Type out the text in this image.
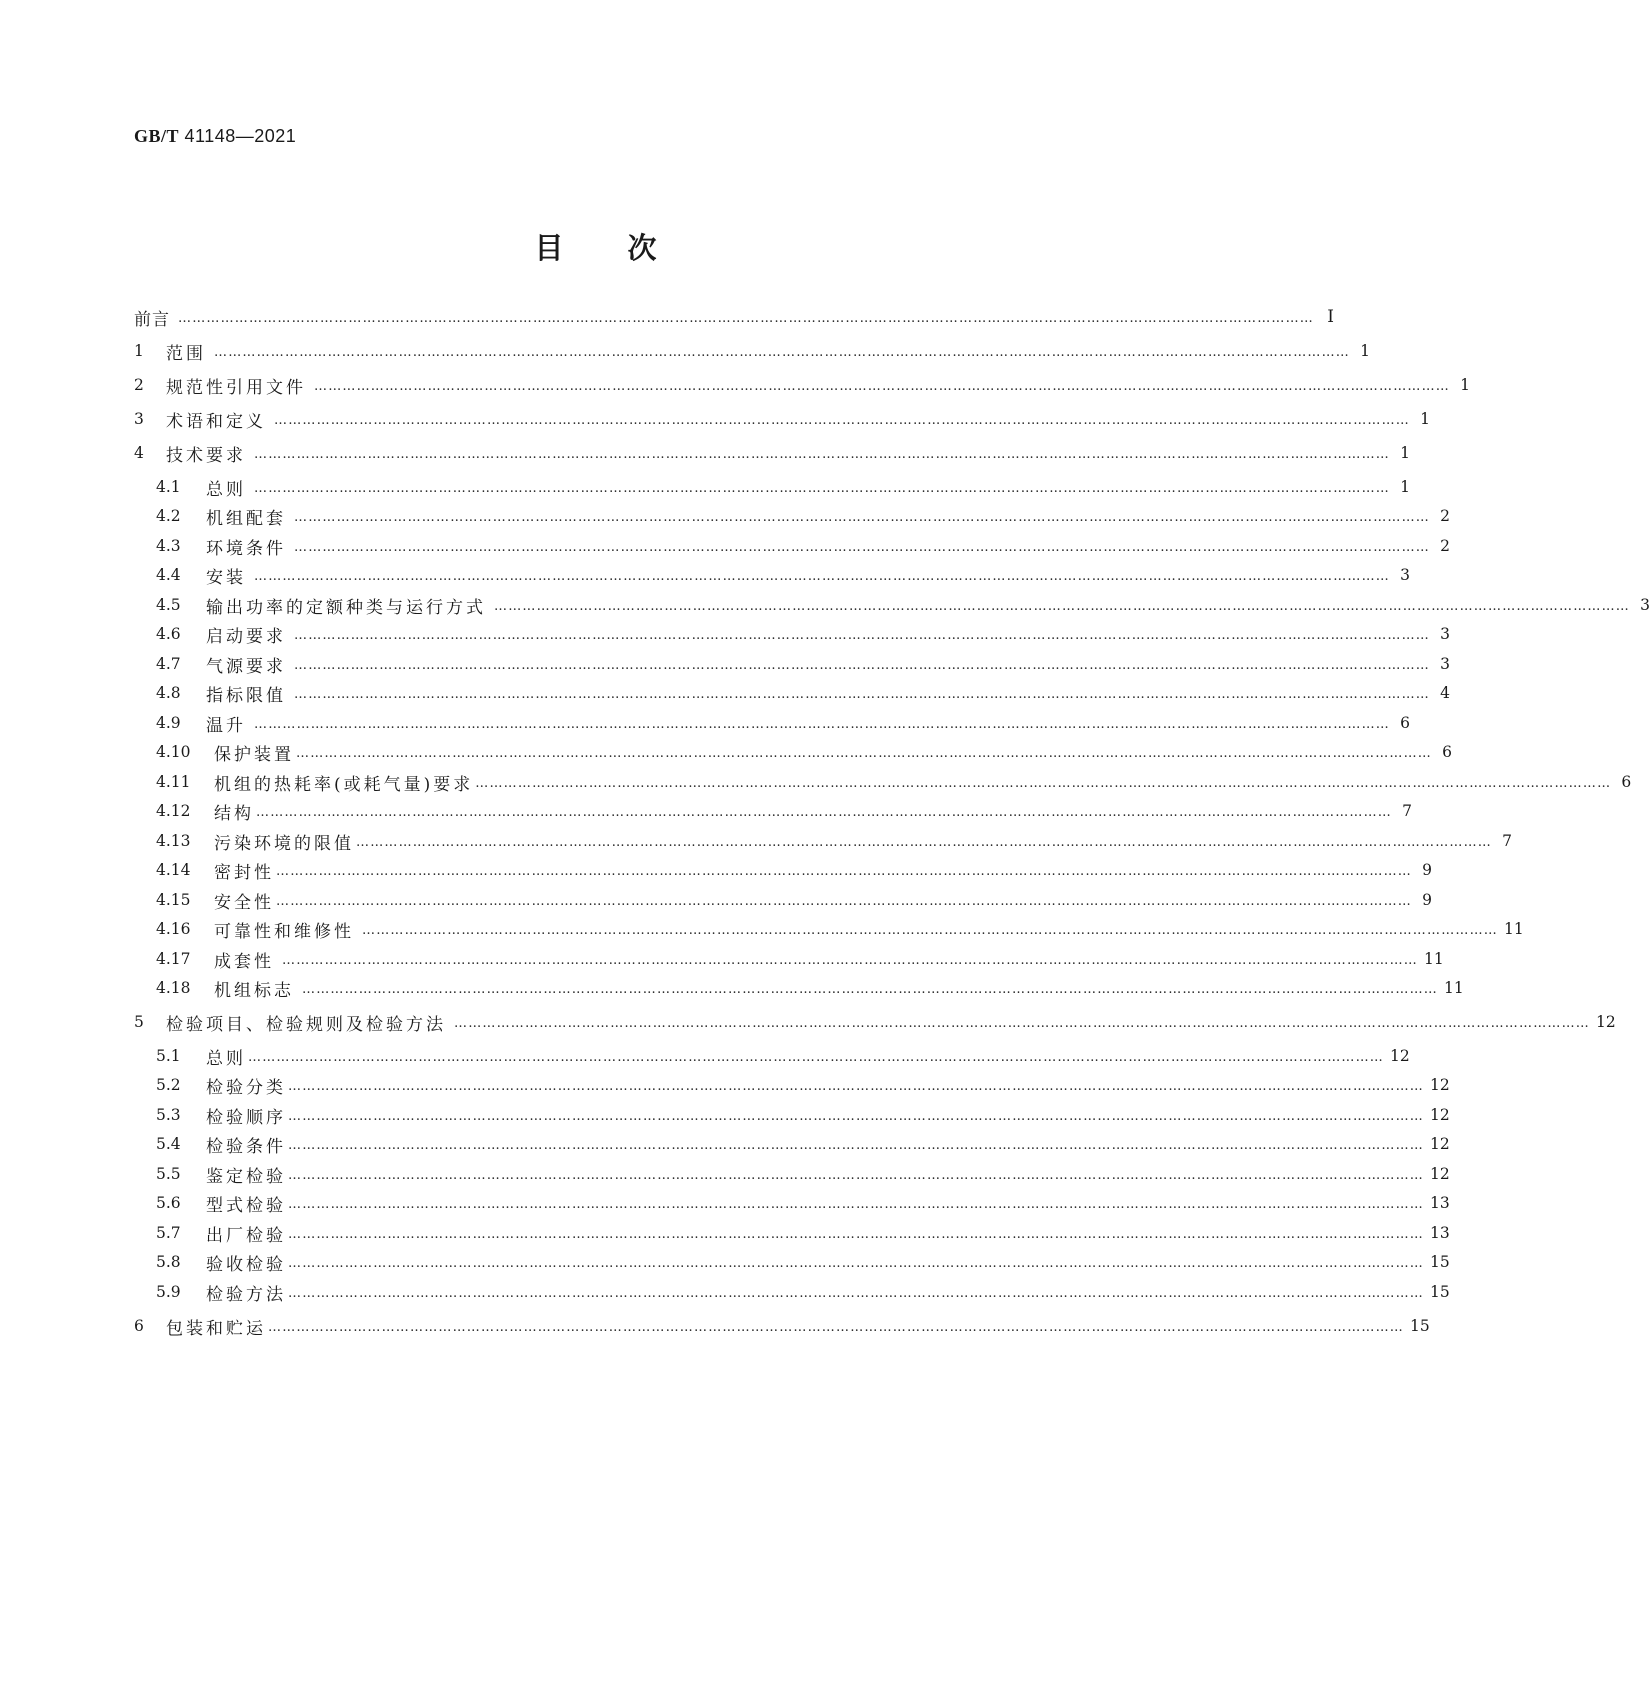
GB/T 41148—2021
目次
前言 …………………………………………………………………………………………………………………………………………………………………………………………………………………… Ⅰ
1	范围 …………………………………………………………………………………………………………………………………………………………………………………………………………………… 1
2	规范性引用文件 …………………………………………………………………………………………………………………………………………………………………………………………………………………… 1
3	术语和定义 …………………………………………………………………………………………………………………………………………………………………………………………………………………… 1
4	技术要求 …………………………………………………………………………………………………………………………………………………………………………………………………………………… 1
4.1	总则 …………………………………………………………………………………………………………………………………………………………………………………………………………………… 1
4.2	机组配套 …………………………………………………………………………………………………………………………………………………………………………………………………………………… 2
4.3	环境条件 …………………………………………………………………………………………………………………………………………………………………………………………………………………… 2
4.4	安装 …………………………………………………………………………………………………………………………………………………………………………………………………………………… 3
4.5	输出功率的定额种类与运行方式 …………………………………………………………………………………………………………………………………………………………………………………………………………………… 3
4.6	启动要求 …………………………………………………………………………………………………………………………………………………………………………………………………………………… 3
4.7	气源要求 …………………………………………………………………………………………………………………………………………………………………………………………………………………… 3
4.8	指标限值 …………………………………………………………………………………………………………………………………………………………………………………………………………………… 4
4.9	温升 …………………………………………………………………………………………………………………………………………………………………………………………………………………… 6
4.10	保护装置 …………………………………………………………………………………………………………………………………………………………………………………………………………………… 6
4.11	机组的热耗率(或耗气量)要求 …………………………………………………………………………………………………………………………………………………………………………………………………………………… 6
4.12	结构 …………………………………………………………………………………………………………………………………………………………………………………………………………………… 7
4.13	污染环境的限值 …………………………………………………………………………………………………………………………………………………………………………………………………………………… 7
4.14	密封性 …………………………………………………………………………………………………………………………………………………………………………………………………………………… 9
4.15	安全性 …………………………………………………………………………………………………………………………………………………………………………………………………………………… 9
4.16	可靠性和维修性 …………………………………………………………………………………………………………………………………………………………………………………………………………………… 11
4.17	成套性 …………………………………………………………………………………………………………………………………………………………………………………………………………………… 11
4.18	机组标志 …………………………………………………………………………………………………………………………………………………………………………………………………………………… 11
5	检验项目、检验规则及检验方法 …………………………………………………………………………………………………………………………………………………………………………………………………………………… 12
5.1	总则 …………………………………………………………………………………………………………………………………………………………………………………………………………………… 12
5.2	检验分类 …………………………………………………………………………………………………………………………………………………………………………………………………………………… 12
5.3	检验顺序 …………………………………………………………………………………………………………………………………………………………………………………………………………………… 12
5.4	检验条件 …………………………………………………………………………………………………………………………………………………………………………………………………………………… 12
5.5	鉴定检验 …………………………………………………………………………………………………………………………………………………………………………………………………………………… 12
5.6	型式检验 …………………………………………………………………………………………………………………………………………………………………………………………………………………… 13
5.7	出厂检验 …………………………………………………………………………………………………………………………………………………………………………………………………………………… 13
5.8	验收检验 …………………………………………………………………………………………………………………………………………………………………………………………………………………… 15
5.9	检验方法 …………………………………………………………………………………………………………………………………………………………………………………………………………………… 15
6	包装和贮运 …………………………………………………………………………………………………………………………………………………………………………………………………………………… 15
